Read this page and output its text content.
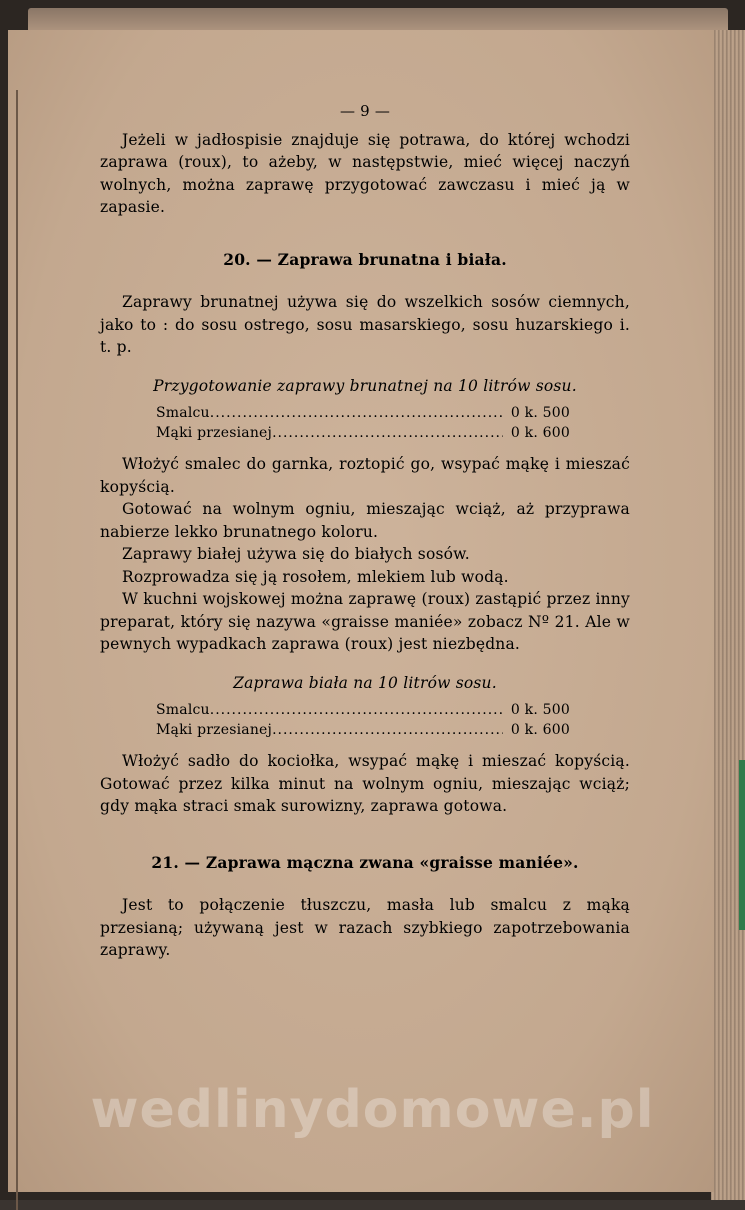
— 9 —

Jeżeli w jadłospisie znajduje się potrawa, do której wchodzi zaprawa (roux), to ażeby, w następstwie, mieć więcej naczyń wolnych, można zaprawę przygotować zawczasu i mieć ją w zapasie.

20. — Zaprawa brunatna i biała.

Zaprawy brunatnej używa się do wszelkich sosów ciemnych, jako to : do sosu ostrego, sosu masarskiego, sosu huzarskiego i. t. p.

Przygotowanie zaprawy brunatnej na 10 litrów sosu.
Smalcu .....	0 k. 500
Mąki przesianej .....	0 k. 600

Włożyć smalec do garnka, roztopić go, wsypać mąkę i mieszać kopyścią.

Gotować na wolnym ogniu, mieszając wciąż, aż przyprawa nabierze lekko brunatnego koloru.

Zaprawy białej używa się do białych sosów.

Rozprowadza się ją rosołem, mlekiem lub wodą.

W kuchni wojskowej można zaprawę (roux) zastąpić przez inny preparat, który się nazywa «graisse maniée» zobacz Nº 21. Ale w pewnych wypadkach zaprawa (roux) jest niezbędna.

Zaprawa biała na 10 litrów sosu.
Smalcu .....	0 k. 500
Mąki przesianej .....	0 k. 600

Włożyć sadło do kociołka, wsypać mąkę i mieszać kopyścią. Gotować przez kilka minut na wolnym ogniu, mieszając wciąż; gdy mąka straci smak surowizny, zaprawa gotowa.

21. — Zaprawa mączna zwana «graisse maniée».

Jest to połączenie tłuszczu, masła lub smalcu z mąką przesianą; używaną jest w razach szybkiego zapotrzebowania zaprawy.

wedlinydomowe.pl
